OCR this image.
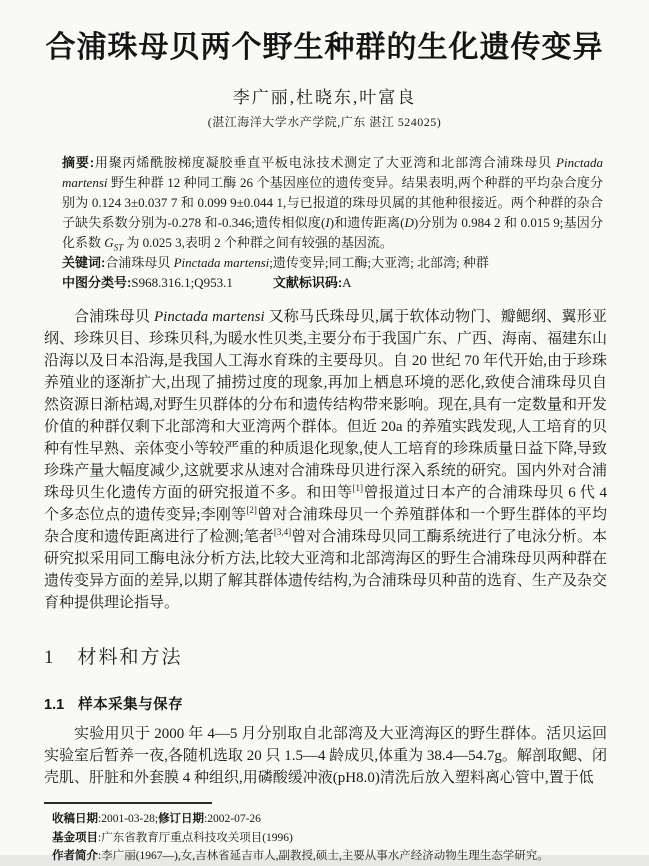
合浦珠母贝两个野生种群的生化遗传变异
李广丽,杜晓东,叶富良
(湛江海洋大学水产学院,广东 湛江 524025)

摘要:用聚丙烯酰胺梯度凝胶垂直平板电泳技术测定了大亚湾和北部湾合浦珠母贝 Pinctada martensi 野生种群 12 种同工酶 26 个基因座位的遗传变异。结果表明,两个种群的平均杂合度分别为 0.124 3±0.037 7 和 0.099 9±0.044 1,与已报道的珠母贝属的其他种很接近。两个种群的杂合子缺失系数分别为-0.278 和-0.346;遗传相似度(I)和遗传距离(D)分别为 0.984 2 和 0.015 9;基因分化系数 $G_{ST}$ 为 0.025 3,表明 2 个种群之间有较强的基因流。

关键词:合浦珠母贝 Pinctada martensi;遗传变异;同工酶;大亚湾; 北部湾; 种群

中图分类号:S968.316.1;Q953.1	文献标识码:A

合浦珠母贝 Pinctada martensi 又称马氏珠母贝,属于软体动物门、瓣鳃纲、翼形亚纲、珍珠贝目、珍珠贝科,为暖水性贝类,主要分布于我国广东、广西、海南、福建东山沿海以及日本沿海,是我国人工海水育珠的主要母贝。自 20 世纪 70 年代开始,由于珍珠养殖业的逐渐扩大,出现了捕捞过度的现象,再加上栖息环境的恶化,致使合浦珠母贝自然资源日渐枯竭,对野生贝群体的分布和遗传结构带来影响。现在,具有一定数量和开发价值的种群仅剩下北部湾和大亚湾两个群体。但近 20a 的养殖实践发现,人工培育的贝种有性早熟、亲体变小等较严重的种质退化现象,使人工培育的珍珠质量日益下降,导致珍珠产量大幅度减少,这就要求从速对合浦珠母贝进行深入系统的研究。国内外对合浦珠母贝生化遗传方面的研究报道不多。和田等[1]曾报道过日本产的合浦珠母贝 6 代 4 个多态位点的遗传变异;李刚等[2]曾对合浦珠母贝一个养殖群体和一个野生群体的平均杂合度和遗传距离进行了检测;笔者[3,4]曾对合浦珠母贝同工酶系统进行了电泳分析。本研究拟采用同工酶电泳分析方法,比较大亚湾和北部湾海区的野生合浦珠母贝两种群在遗传变异方面的差异,以期了解其群体遗传结构,为合浦珠母贝种苗的选育、生产及杂交育种提供理论指导。

1 材料和方法
1.1 样本采集与保存

实验用贝于 2000 年 4—5 月分别取自北部湾及大亚湾海区的野生群体。活贝运回实验室后暂养一夜,各随机选取 20 只 1.5—4 龄成贝,体重为 38.4—54.7g。解剖取鳃、闭壳肌、肝脏和外套膜 4 种组织,用磷酸缓冲液(pH8.0)清洗后放入塑料离心管中,置于低

收稿日期:2001-03-28;修订日期:2002-07-26

基金项目:广东省教育厅重点科技攻关项目(1996)

作者简介:李广丽(1967—),女,吉林省延吉市人,副教授,硕士,主要从事水产经济动物生理生态学研究。
